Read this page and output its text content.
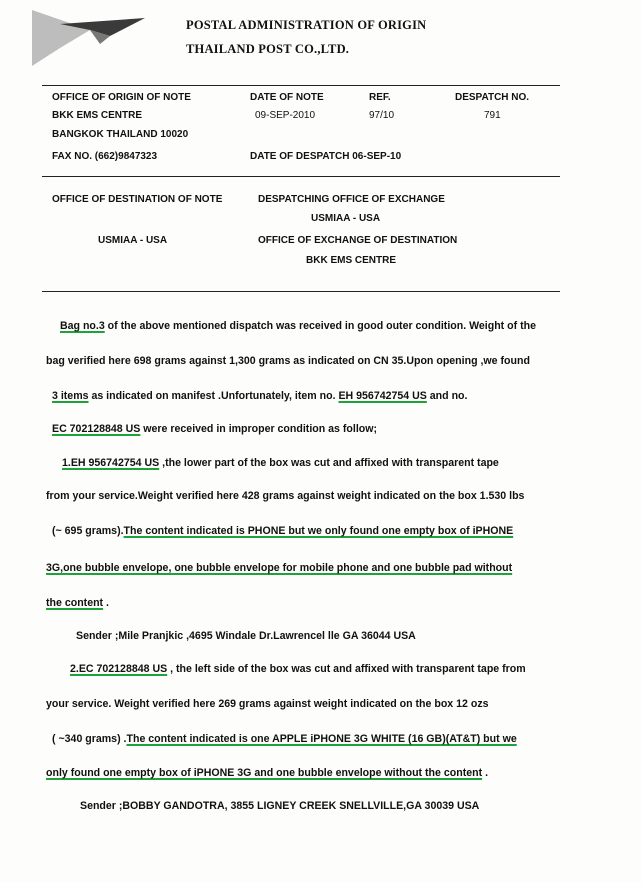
POSTAL ADMINISTRATION OF ORIGIN
THAILAND POST CO.,LTD.
OFFICE OF ORIGIN OF NOTE
BKK EMS CENTRE
BANGKOK THAILAND 10020
FAX NO. (662)9847323
DATE OF NOTE
09-SEP-2010
REF.
97/10
DESPATCH NO.
791
DATE OF DESPATCH 06-SEP-10
OFFICE OF DESTINATION OF NOTE
USMIAA - USA
DESPATCHING OFFICE OF EXCHANGE
USMIAA - USA
OFFICE OF EXCHANGE OF DESTINATION
BKK EMS CENTRE
Bag no.3 of the above mentioned dispatch was received in good outer condition. Weight of the
bag verified here 698 grams against 1,300 grams as indicated on CN 35.Upon opening ,we found
3 items as indicated on manifest .Unfortunately, item no. EH 956742754 US and no.
EC 702128848 US were received in improper condition as follow;
1.EH 956742754 US ,the lower part of the box was cut and affixed with transparent tape
from your service.Weight verified here 428 grams against weight indicated on the box 1.530 lbs
(~ 695 grams).The content indicated is PHONE but we only found one empty box of iPHONE
3G,one bubble envelope, one bubble envelope for mobile phone and one bubble pad without
the content .
Sender ;Mile Pranjkic ,4695 Windale Dr.Lawrencel lle GA 36044 USA
2.EC 702128848 US , the left side of the box was cut and affixed with transparent tape from
your service. Weight verified here 269 grams against weight indicated on the box 12 ozs
( ~340 grams) .The content indicated is one APPLE iPHONE 3G WHITE (16 GB)(AT&T) but we
only found one empty box of iPHONE 3G and one bubble envelope without the content .
Sender ;BOBBY GANDOTRA, 3855 LIGNEY CREEK SNELLVILLE,GA 30039 USA
